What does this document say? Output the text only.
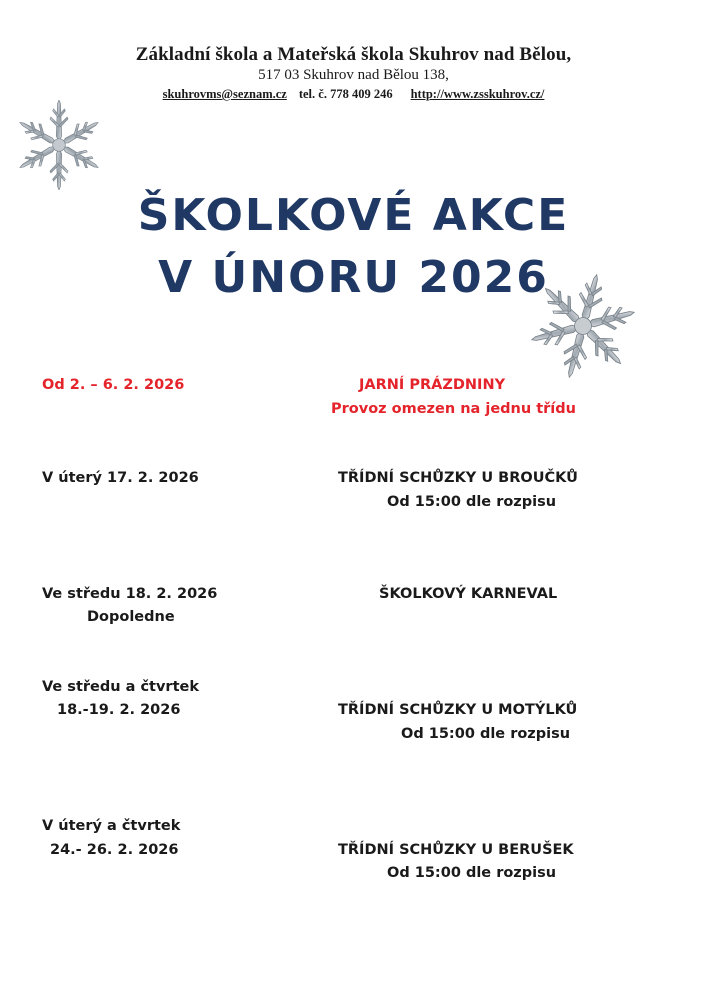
Základní škola a Mateřská škola Skuhrov nad Bělou,
517 03 Skuhrov nad Bělou 138,
skuhrovms@seznam.cz tel. č. 778 409 246 http://www.zsskuhrov.cz/
ŠKOLKOVÉ AKCE
V ÚNORU 2026
Od 2. – 6. 2. 2026	JARNÍ PRÁZDNINY
Provoz omezen na jednu třídu
V úterý 17. 2. 2026	TŘÍDNÍ SCHŮZKY U BROUČKŮ
Od 15:00 dle rozpisu
Ve středu 18. 2. 2026	ŠKOLKOVÝ KARNEVAL
Dopoledne
Ve středu a čtvrtek
18.-19. 2. 2026	TŘÍDNÍ SCHŮZKY U MOTÝLKŮ
Od 15:00 dle rozpisu
V úterý a čtvrtek
24.- 26. 2. 2026	TŘÍDNÍ SCHŮZKY U BERUŠEK
Od 15:00 dle rozpisu
